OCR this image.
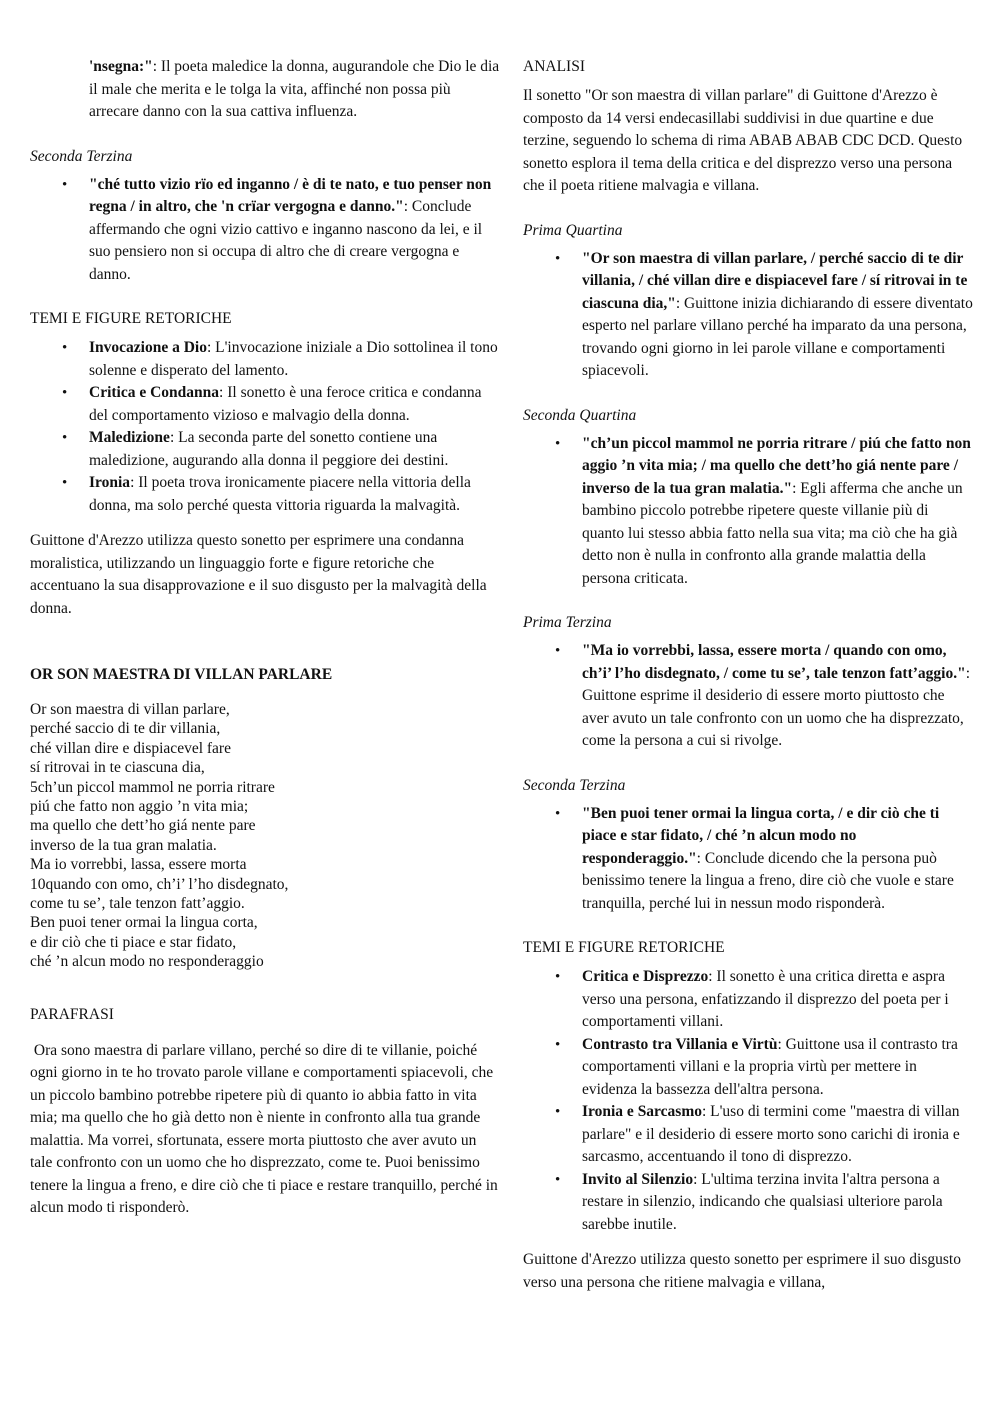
'nsegna:": Il poeta maledice la donna, augurandole che Dio le dia il male che merita e le tolga la vita, affinché non possa più arrecare danno con la sua cattiva influenza.

Seconda Terzina

• "ché tutto vizio rïo ed inganno / è di te nato, e tuo penser non regna / in altro, che 'n crïar vergogna e danno.": Conclude affermando che ogni vizio cattivo e inganno nascono da lei, e il suo pensiero non si occupa di altro che di creare vergogna e danno.

TEMI E FIGURE RETORICHE

• Invocazione a Dio: L'invocazione iniziale a Dio sottolinea il tono solenne e disperato del lamento.
• Critica e Condanna: Il sonetto è una feroce critica e condanna del comportamento vizioso e malvagio della donna.
• Maledizione: La seconda parte del sonetto contiene una maledizione, augurando alla donna il peggiore dei destini.
• Ironia: Il poeta trova ironicamente piacere nella vittoria della donna, ma solo perché questa vittoria riguarda la malvagità.

Guittone d'Arezzo utilizza questo sonetto per esprimere una condanna moralistica, utilizzando un linguaggio forte e figure retoriche che accentuano la sua disapprovazione e il suo disgusto per la malvagità della donna.

OR SON MAESTRA DI VILLAN PARLARE

Or son maestra di villan parlare,

perché saccio di te dir villania,

ché villan dire e dispiacevel fare

sí ritrovai in te ciascuna dia,

5ch’un piccol mammol ne porria ritrare

piú che fatto non aggio ’n vita mia;

ma quello che dett’ho giá nente pare

inverso de la tua gran malatia.

Ma io vorrebbi, lassa, essere morta

10quando con omo, ch’i’ l’ho disdegnato,

come tu se’, tale tenzon fatt’aggio.

Ben puoi tener ormai la lingua corta,

e dir ciò che ti piace e star fidato,

ché ’n alcun modo no responderaggio

PARAFRASI

Ora sono maestra di parlare villano, perché so dire di te villanie, poiché ogni giorno in te ho trovato parole villane e comportamenti spiacevoli, che un piccolo bambino potrebbe ripetere più di quanto io abbia fatto in vita mia; ma quello che ho già detto non è niente in confronto alla tua grande malattia. Ma vorrei, sfortunata, essere morta piuttosto che aver avuto un tale confronto con un uomo che ho disprezzato, come te. Puoi benissimo tenere la lingua a freno, e dire ciò che ti piace e restare tranquillo, perché in alcun modo ti risponderò.

ANALISI

Il sonetto "Or son maestra di villan parlare" di Guittone d'Arezzo è composto da 14 versi endecasillabi suddivisi in due quartine e due terzine, seguendo lo schema di rima ABAB ABAB CDC DCD. Questo sonetto esplora il tema della critica e del disprezzo verso una persona che il poeta ritiene malvagia e villana.

Prima Quartina

• "Or son maestra di villan parlare, / perché saccio di te dir villania, / ché villan dire e dispiacevel fare / sí ritrovai in te ciascuna dia,": Guittone inizia dichiarando di essere diventato esperto nel parlare villano perché ha imparato da una persona, trovando ogni giorno in lei parole villane e comportamenti spiacevoli.

Seconda Quartina

• "ch’un piccol mammol ne porria ritrare / piú che fatto non aggio ’n vita mia; / ma quello che dett’ho giá nente pare / inverso de la tua gran malatia.": Egli afferma che anche un bambino piccolo potrebbe ripetere queste villanie più di quanto lui stesso abbia fatto nella sua vita; ma ciò che ha già detto non è nulla in confronto alla grande malattia della persona criticata.

Prima Terzina

• "Ma io vorrebbi, lassa, essere morta / quando con omo, ch’i’ l’ho disdegnato, / come tu se’, tale tenzon fatt’aggio.": Guittone esprime il desiderio di essere morto piuttosto che aver avuto un tale confronto con un uomo che ha disprezzato, come la persona a cui si rivolge.

Seconda Terzina

• "Ben puoi tener ormai la lingua corta, / e dir ciò che ti piace e star fidato, / ché ’n alcun modo no responderaggio.": Conclude dicendo che la persona può benissimo tenere la lingua a freno, dire ciò che vuole e stare tranquilla, perché lui in nessun modo risponderà.

TEMI E FIGURE RETORICHE

• Critica e Disprezzo: Il sonetto è una critica diretta e aspra verso una persona, enfatizzando il disprezzo del poeta per i comportamenti villani.
• Contrasto tra Villania e Virtù: Guittone usa il contrasto tra comportamenti villani e la propria virtù per mettere in evidenza la bassezza dell'altra persona.
• Ironia e Sarcasmo: L'uso di termini come "maestra di villan parlare" e il desiderio di essere morto sono carichi di ironia e sarcasmo, accentuando il tono di disprezzo.
• Invito al Silenzio: L'ultima terzina invita l'altra persona a restare in silenzio, indicando che qualsiasi ulteriore parola sarebbe inutile.

Guittone d'Arezzo utilizza questo sonetto per esprimere il suo disgusto verso una persona che ritiene malvagia e villana,
